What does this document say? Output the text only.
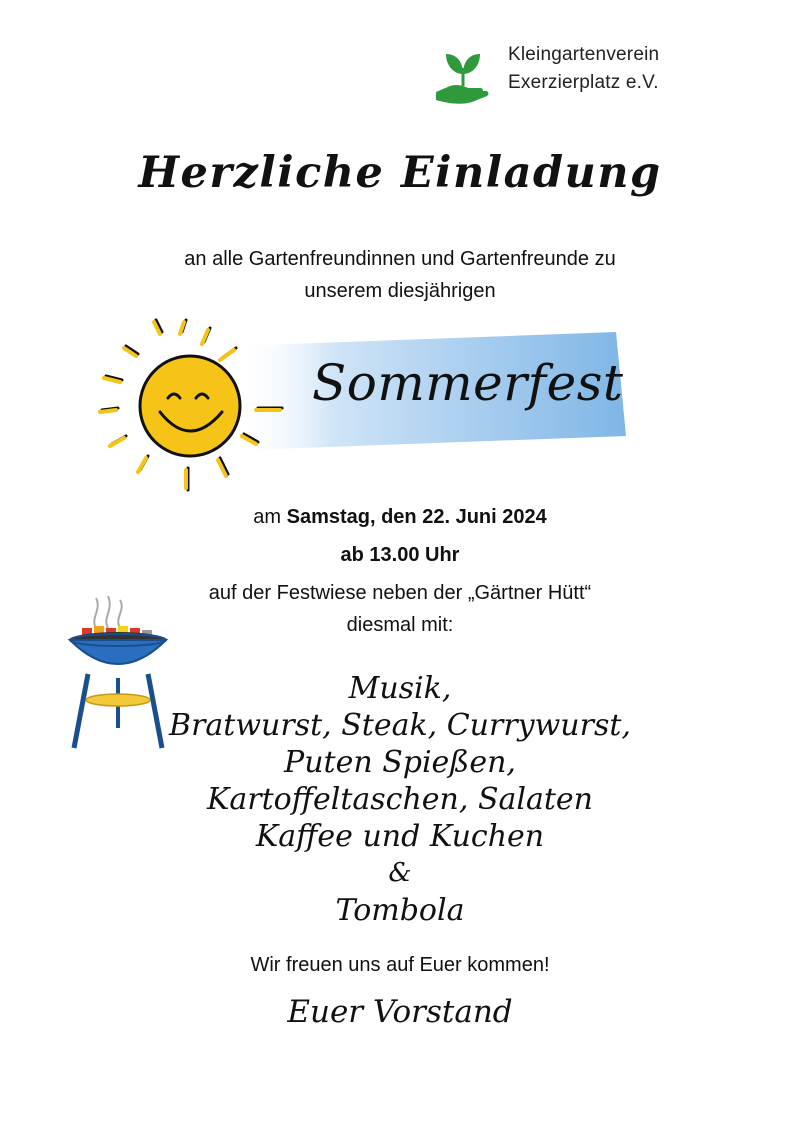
Kleingartenverein
Exerzierplatz e.V.
Herzliche Einladung
an alle Gartenfreundinnen und Gartenfreunde zu
unserem diesjährigen
Sommerfest
am Samstag, den 22. Juni 2024
ab 13.00 Uhr
auf der Festwiese neben der „Gärtner Hütt“
diesmal mit:
Musik,
Bratwurst, Steak, Currywurst,
Puten Spießen,
Kartoffeltaschen, Salaten
Kaffee und Kuchen
&
Tombola
Wir freuen uns auf Euer kommen!
Euer Vorstand
